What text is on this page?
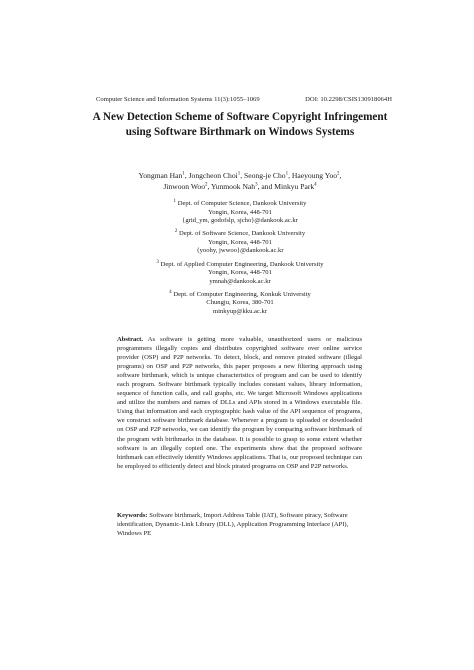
Computer Science and Information Systems 11(3):1055–1069	DOI: 10.2298/CSIS130918064H
A New Detection Scheme of Software Copyright Infringement using Software Birthmark on Windows Systems
Yongman Han$^1$, Jongcheon Choi$^1$, Seong-je Cho$^1$, Haeyoung Yoo$^2$,
Jinwoon Woo$^2$, Yunmook Nah$^3$, and Minkyu Park$^4$
$^1$ Dept. of Computer Science, Dankook University
Yongin, Korea, 448-701
{grid_ym, godofslp, sjcho}@dankook.ac.kr
$^2$ Dept. of Software Science, Dankook University
Yongin, Korea, 448-701
{yoohy, jwwoo}@dankook.ac.kr
$^3$ Dept. of Applied Computer Engineering, Dankook University
Yongin, Korea, 448-701
ymnah@dankook.ac.kr
$^4$ Dept. of Computer Engineering, Konkuk University
Chungju, Korea, 380-701
minkyup@kku.ac.kr
Abstract. As software is getting more valuable, unauthorized users or malicious programmers illegally copies and distributes copyrighted software over online service provider (OSP) and P2P networks. To detect, block, and remove pirated software (illegal programs) on OSP and P2P networks, this paper proposes a new filtering approach using software birthmark, which is unique characteristics of program and can be used to identify each program. Software birthmark typically includes constant values, library information, sequence of function calls, and call graphs, etc. We target Microsoft Windows applications and utilize the numbers and names of DLLs and APIs stored in a Windows executable file. Using that information and each cryptographic hash value of the API sequence of programs, we construct software birthmark database. Whenever a program is uploaded or downloaded on OSP and P2P networks, we can identify the program by comparing software birthmark of the program with birthmarks in the database. It is possible to grasp to some extent whether software is an illegally copied one. The experiments show that the proposed software birthmark can effectively identify Windows applications. That is, our proposed technique can be employed to efficiently detect and block pirated programs on OSP and P2P networks.
Keywords: Software birthmark, Import Address Table (IAT), Software piracy, Software identification, Dynamic-Link Library (DLL), Application Programming Interface (API), Windows PE
